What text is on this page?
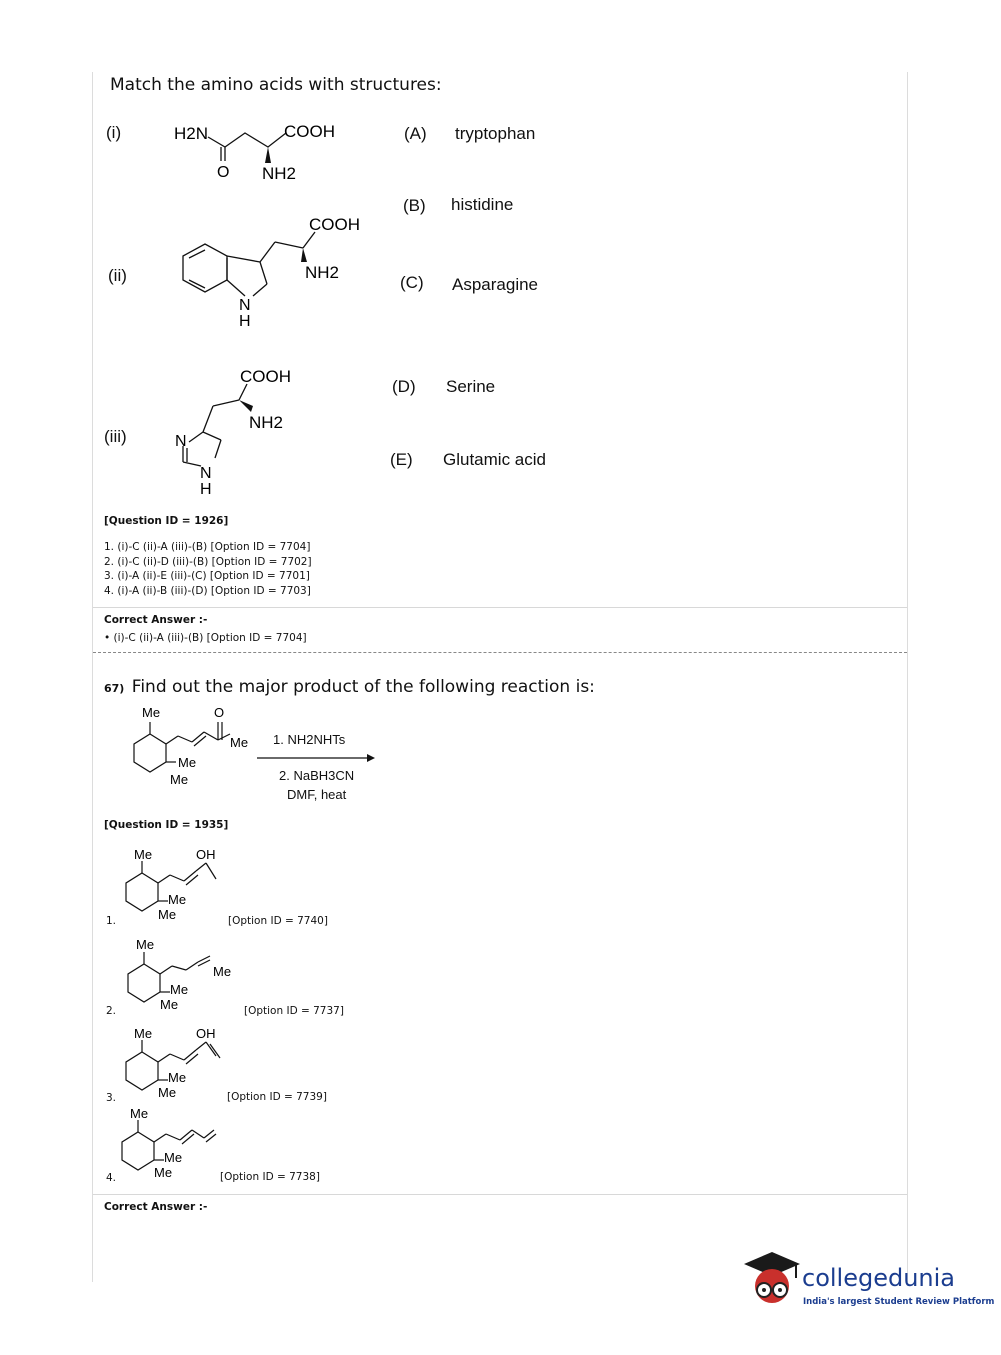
Match the amino acids with structures:
(i)
(ii)
(iii)
H2N	COOH
O NH2
COOH
NH2
N
H
COOH
NH2
N
N
H
(A) tryptophan
(B) histidine
(C) Asparagine
(D) Serine
(E) Glutamic acid
[Question ID = 1926]
1. (i)-C (ii)-A (iii)-(B) [Option ID = 7704]
2. (i)-C (ii)-D (iii)-(B) [Option ID = 7702]
3. (i)-A (ii)-E (iii)-(C) [Option ID = 7701]
4. (i)-A (ii)-B (iii)-(D) [Option ID = 7703]
Correct Answer :-
• (i)-C (ii)-A (iii)-(B) [Option ID = 7704]
67) Find out the major product of the following reaction is:
Me	O
Me
Me
Me
1. NH2NHTs
2. NaBH3CN
DMF, heat
[Question ID = 1935]
Me	OH
Me
Me
1.	[Option ID = 7740]
Me
Me
Me
Me
2.	[Option ID = 7737]
Me	OH
Me
Me
3.	[Option ID = 7739]
Me
Me
Me
4.	[Option ID = 7738]
Correct Answer :-
collegedunia
India's largest Student Review Platform
